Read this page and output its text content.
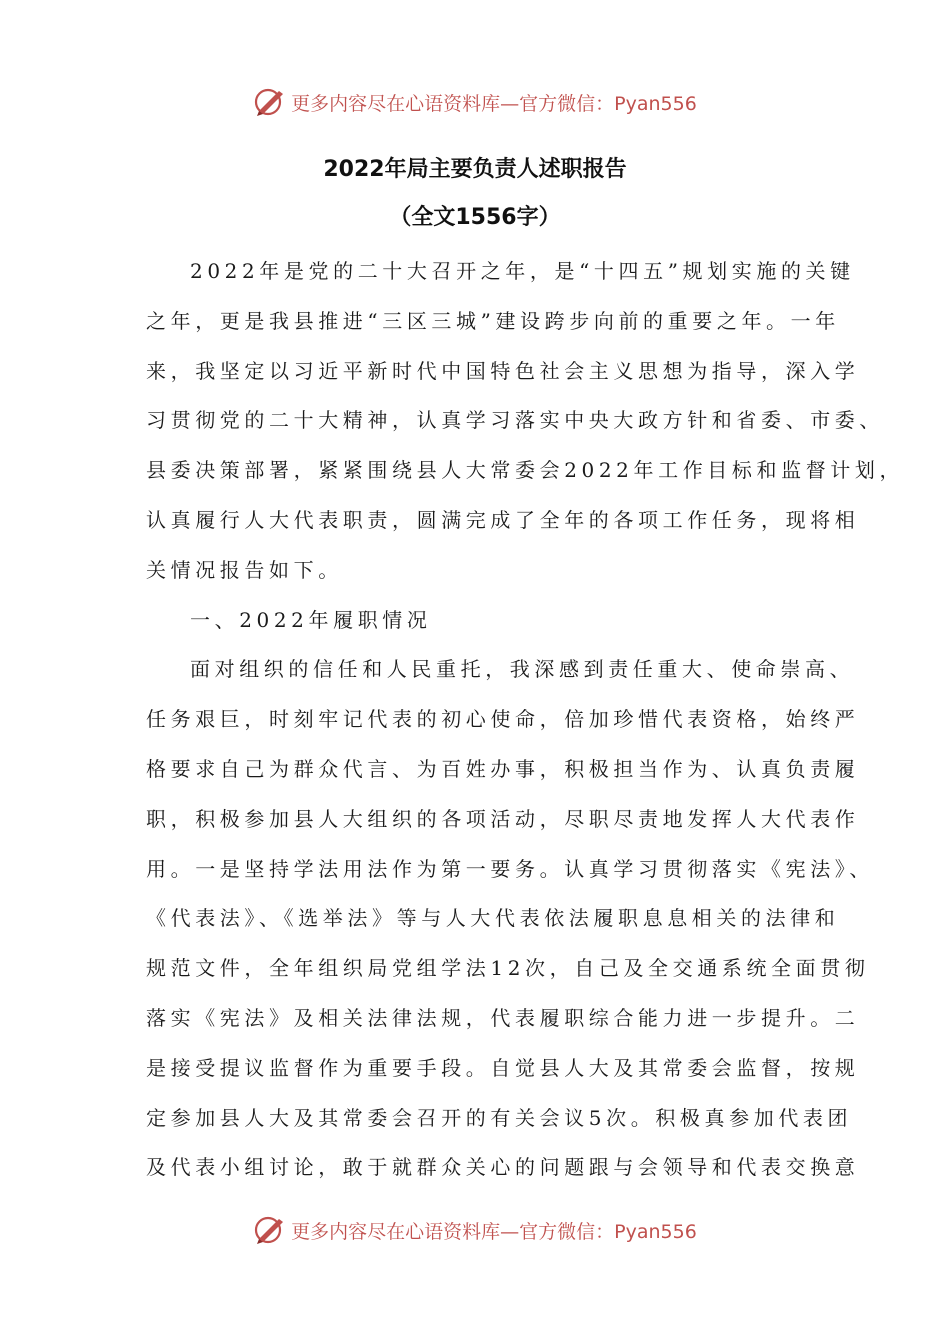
更多内容尽在心语资料库—官方微信：Pyan556
2022年局主要负责人述职报告
（全文1556字）
2022年是党的二十大召开之年，是“十四五”规划实施的关键
之年，更是我县推进“三区三城”建设跨步向前的重要之年。一年
来，我坚定以习近平新时代中国特色社会主义思想为指导，深入学
习贯彻党的二十大精神，认真学习落实中央大政方针和省委、市委、
县委决策部署，紧紧围绕县人大常委会2022年工作目标和监督计划，
认真履行人大代表职责，圆满完成了全年的各项工作任务，现将相
关情况报告如下。
一、2022年履职情况
面对组织的信任和人民重托，我深感到责任重大、使命崇高、
任务艰巨，时刻牢记代表的初心使命，倍加珍惜代表资格，始终严
格要求自己为群众代言、为百姓办事，积极担当作为、认真负责履
职，积极参加县人大组织的各项活动，尽职尽责地发挥人大代表作
用。一是坚持学法用法作为第一要务。认真学习贯彻落实《宪法》、
《代表法》、《选举法》等与人大代表依法履职息息相关的法律和
规范文件，全年组织局党组学法12次，自己及全交通系统全面贯彻
落实《宪法》及相关法律法规，代表履职综合能力进一步提升。二
是接受提议监督作为重要手段。自觉县人大及其常委会监督，按规
定参加县人大及其常委会召开的有关会议5次。积极真参加代表团
及代表小组讨论，敢于就群众关心的问题跟与会领导和代表交换意
更多内容尽在心语资料库—官方微信：Pyan556
